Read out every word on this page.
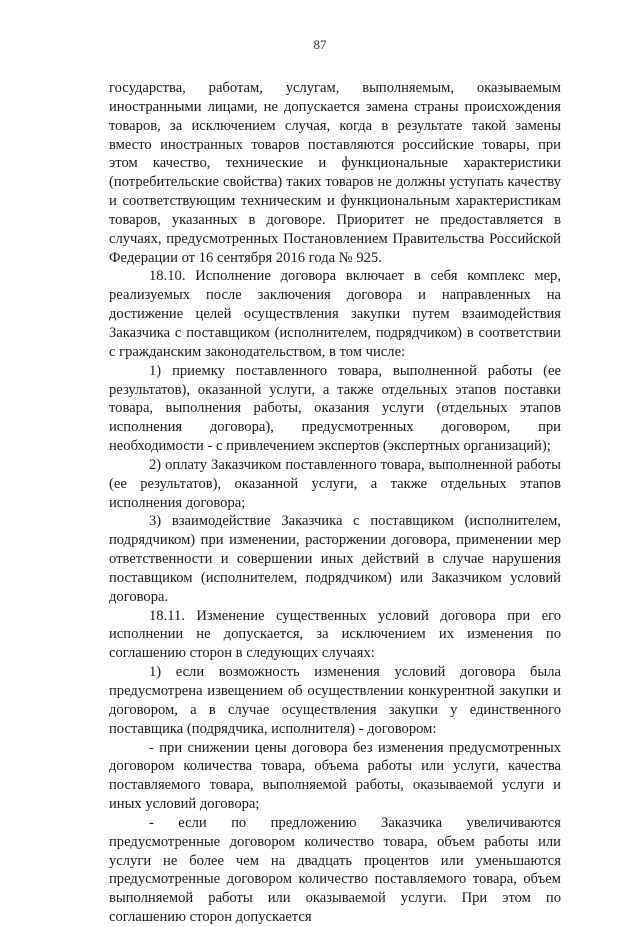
87

государства, работам, услугам, выполняемым, оказываемым иностранными лицами, не допускается замена страны происхождения товаров, за исключением случая, когда в результате такой замены вместо иностранных товаров поставляются российские товары, при этом качество, технические и функциональные характеристики (потребительские свойства) таких товаров не должны уступать качеству и соответствующим техническим и функциональным характеристикам товаров, указанных в договоре. Приоритет не предоставляется в случаях, предусмотренных Постановлением Правительства Российской Федерации от 16 сентября 2016 года № 925.

18.10. Исполнение договора включает в себя комплекс мер, реализуемых после заключения договора и направленных на достижение целей осуществления закупки путем взаимодействия Заказчика с поставщиком (исполнителем, подрядчиком) в соответствии с гражданским законодательством, в том числе:

1) приемку поставленного товара, выполненной работы (ее результатов), оказанной услуги, а также отдельных этапов поставки товара, выполнения работы, оказания услуги (отдельных этапов исполнения договора), предусмотренных договором, при необходимости - с привлечением экспертов (экспертных организаций);

2) оплату Заказчиком поставленного товара, выполненной работы (ее результатов), оказанной услуги, а также отдельных этапов исполнения договора;

3) взаимодействие Заказчика с поставщиком (исполнителем, подрядчиком) при изменении, расторжении договора, применении мер ответственности и совершении иных действий в случае нарушения поставщиком (исполнителем, подрядчиком) или Заказчиком условий договора.

18.11. Изменение существенных условий договора при его исполнении не допускается, за исключением их изменения по соглашению сторон в следующих случаях:

1) если возможность изменения условий договора была предусмотрена извещением об осуществлении конкурентной закупки и договором, а в случае осуществления закупки у единственного поставщика (подрядчика, исполнителя) - договором:

- при снижении цены договора без изменения предусмотренных договором количества товара, объема работы или услуги, качества поставляемого товара, выполняемой работы, оказываемой услуги и иных условий договора;

- если по предложению Заказчика увеличиваются предусмотренные договором количество товара, объем работы или услуги не более чем на двадцать процентов или уменьшаются предусмотренные договором количество поставляемого товара, объем выполняемой работы или оказываемой услуги. При этом по соглашению сторон допускается
